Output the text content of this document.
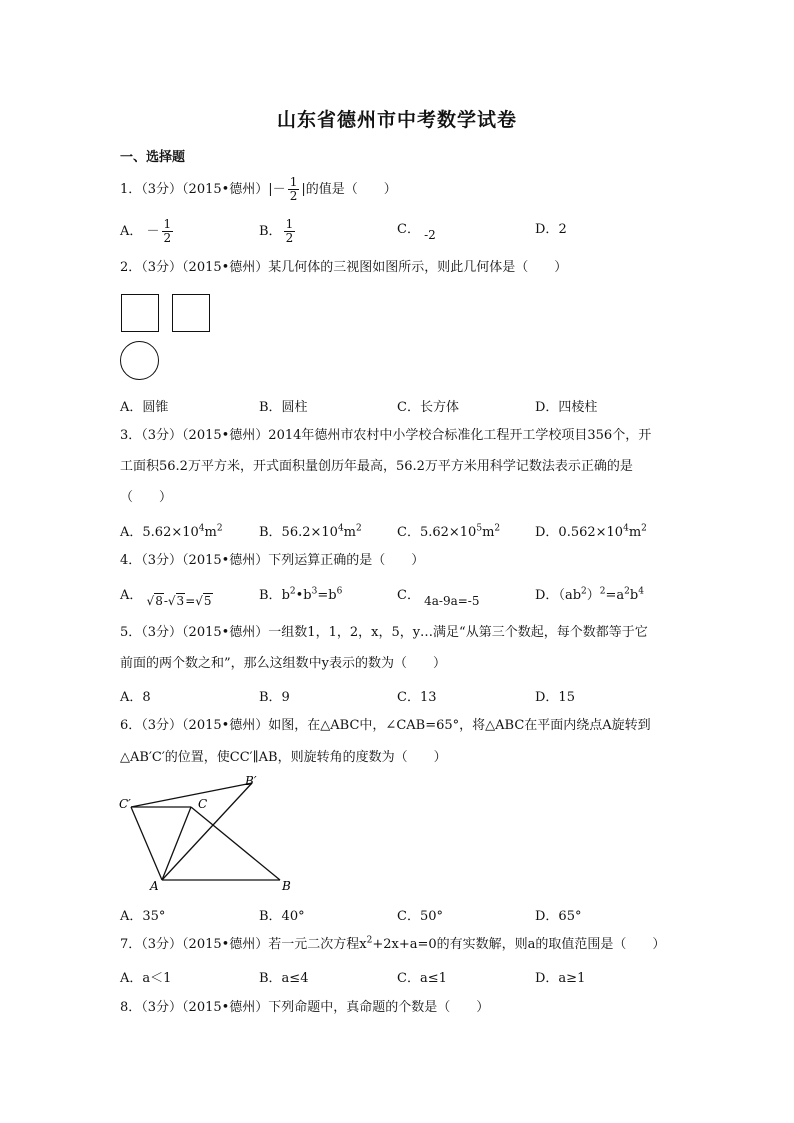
山东省德州市中考数学试卷
一、选择题
1．（3分）（2015•德州）|－ $\frac{1}{2}$ |的值是（　　）
A． － $\frac{1}{2}$	B． $\frac{1}{2}$	C． -2	D．2
2．（3分）（2015•德州）某几何体的三视图如图所示，则此几何体是（　　）
A．圆锥	B．圆柱	C．长方体	D．四棱柱
3．（3分）（2015•德州）2014年德州市农村中小学校合标准化工程开工学校项目356个，开
工面积56.2万平方米，开式面积量创历年最高，56.2万平方米用科学记数法表示正确的是
（　　）
A．$5.62\times 10^4m^2$	B．$56.2\times 10^4m^2$	C．$5.62\times 10^5m^2$	D．$0.562\times 10^4m^2$
4．（3分）（2015•德州）下列运算正确的是（　　）
A． √8-√3=√5	B．$b^2•b^3=b^6$	C． 4a-9a=-5	D．$(ab^2)^2=a^2b^4$
5．（3分）（2015•德州）一组数1，1，2，x，5，y…满足“从第三个数起，每个数都等于它
前面的两个数之和”，那么这组数中y表示的数为（　　）
A．8	B．9	C．13	D．15
6．（3分）（2015•德州）如图，在△ABC中，∠CAB=65°，将△ABC在平面内绕点A旋转到
△AB′C′的位置，使CC′∥AB，则旋转角的度数为（　　）
B′
C′	C
A	B
A．35°	B．40°	C．50°	D．65°
7．（3分）（2015•德州）若一元二次方程$x^2+2x+a=0$的有实数解，则a的取值范围是（　　）
A．a＜1	B．a≤4	C．a≤1	D．a≥1
8．（3分）（2015•德州）下列命题中，真命题的个数是（　　）
